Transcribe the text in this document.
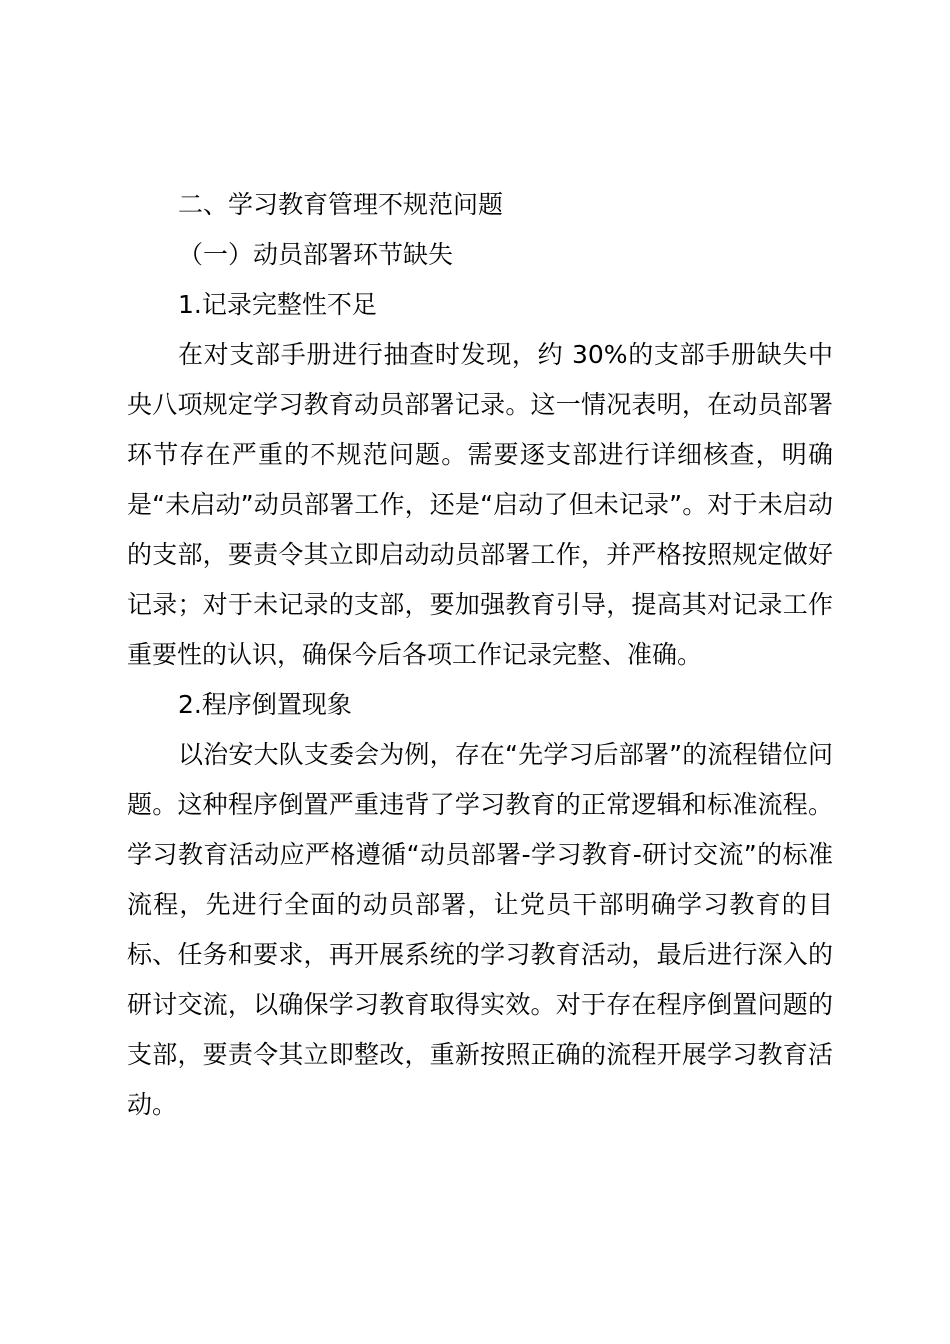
二、学习教育管理不规范问题
（一）动员部署环节缺失
1.记录完整性不足

在对支部手册进行抽查时发现，约 30%的支部手册缺失中央八项规定学习教育动员部署记录。这一情况表明，在动员部署环节存在严重的不规范问题。需要逐支部进行详细核查，明确是“未启动”动员部署工作，还是“启动了但未记录”。对于未启动的支部，要责令其立即启动动员部署工作，并严格按照规定做好记录；对于未记录的支部，要加强教育引导，提高其对记录工作重要性的认识，确保今后各项工作记录完整、准确。

2.程序倒置现象

以治安大队支委会为例，存在“先学习后部署”的流程错位问题。这种程序倒置严重违背了学习教育的正常逻辑和标准流程。学习教育活动应严格遵循“动员部署-学习教育-研讨交流”的标准流程，先进行全面的动员部署，让党员干部明确学习教育的目标、任务和要求，再开展系统的学习教育活动，最后进行深入的研讨交流，以确保学习教育取得实效。对于存在程序倒置问题的支部，要责令其立即整改，重新按照正确的流程开展学习教育活动。
